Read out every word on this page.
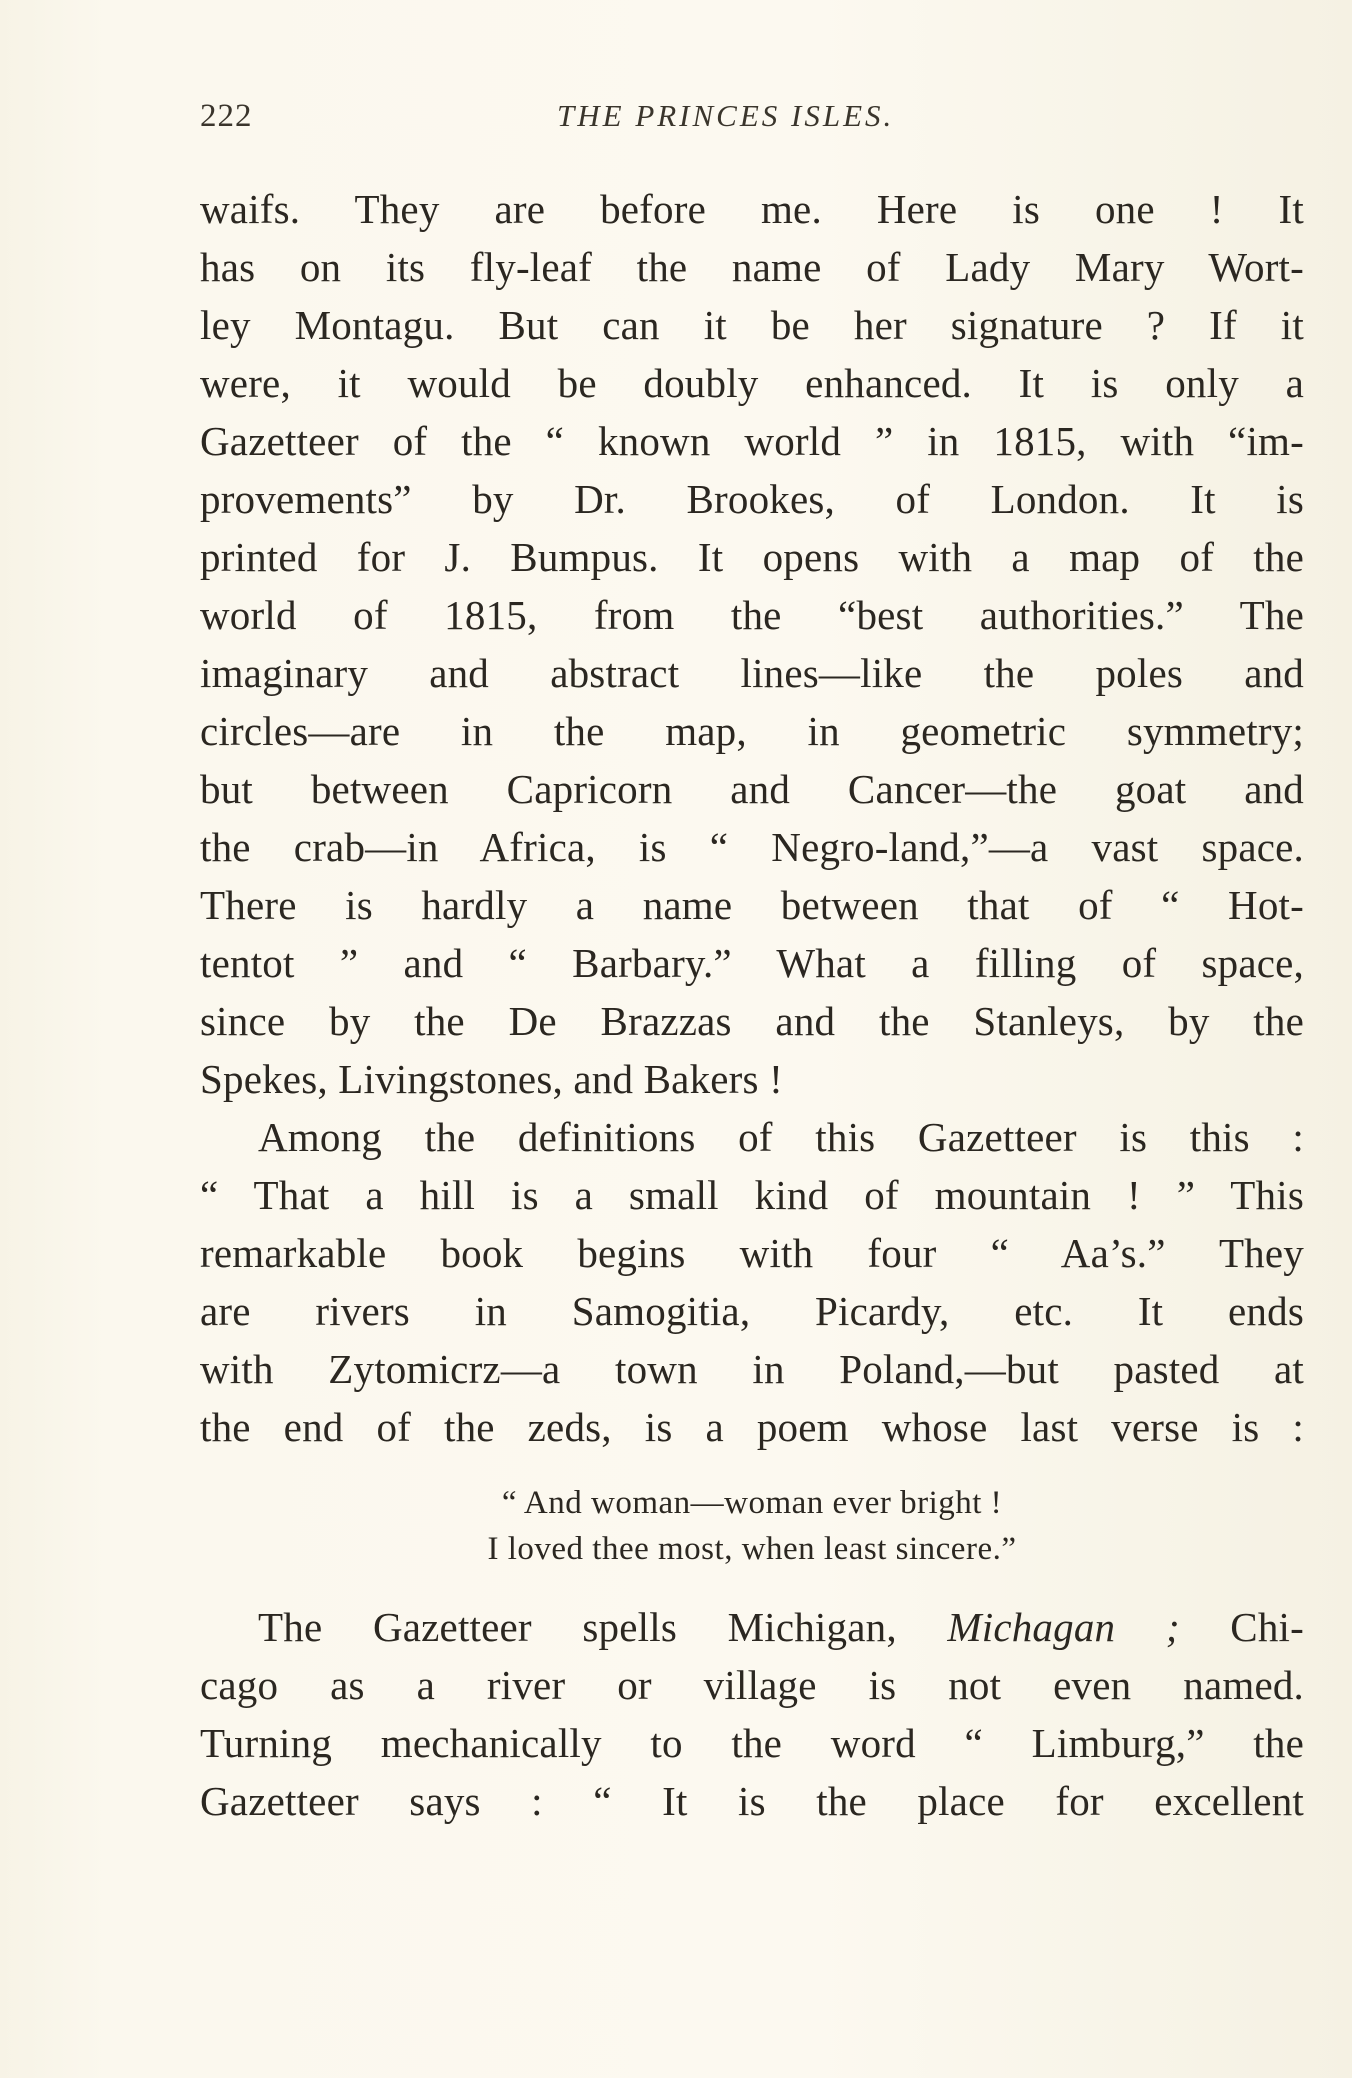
222	THE PRINCES ISLES.
waifs. They are before me. Here is one ! It
has on its fly-leaf the name of Lady Mary Wort-
ley Montagu. But can it be her signature ? If it
were, it would be doubly enhanced. It is only a
Gazetteer of the “ known world ” in 1815, with “im-
provements” by Dr. Brookes, of London. It is
printed for J. Bumpus. It opens with a map of the
world of 1815, from the “best authorities.” The
imaginary and abstract lines—like the poles and
circles—are in the map, in geometric symmetry;
but between Capricorn and Cancer—the goat and
the crab—in Africa, is “ Negro-land,”—a vast space.
There is hardly a name between that of “ Hot-
tentot ” and “ Barbary.” What a filling of space,
since by the De Brazzas and the Stanleys, by the
Spekes, Livingstones, and Bakers !
Among the definitions of this Gazetteer is this :
“ That a hill is a small kind of mountain ! ” This
remarkable book begins with four “ Aa’s.” They
are rivers in Samogitia, Picardy, etc. It ends
with Zytomicrz—a town in Poland,—but pasted at
the end of the zeds, is a poem whose last verse is :
“ And woman—woman ever bright !
I loved thee most, when least sincere.”
The Gazetteer spells Michigan, Michagan ; Chi-
cago as a river or village is not even named.
Turning mechanically to the word “ Limburg,” the
Gazetteer says : “ It is the place for excellent
